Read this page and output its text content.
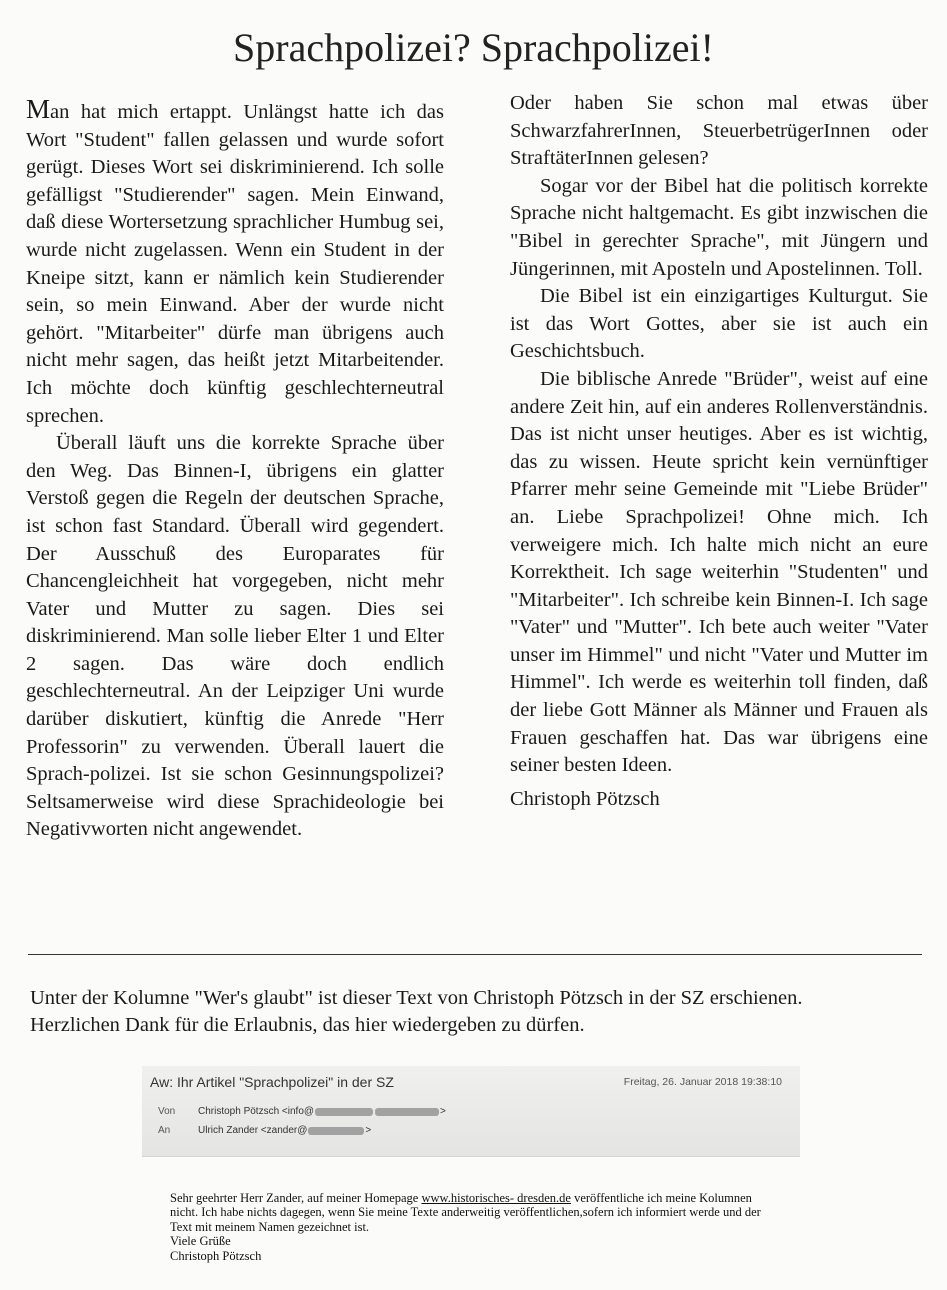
Sprachpolizei? Sprachpolizei!

Man hat mich ertappt. Unlängst hatte ich das Wort "Student" fallen gelassen und wurde sofort gerügt. Dieses Wort sei diskriminierend. Ich solle gefälligst "Studierender" sagen. Mein Einwand, daß diese Wortersetzung sprachlicher Humbug sei, wurde nicht zugelassen. Wenn ein Student in der Kneipe sitzt, kann er nämlich kein Studierender sein, so mein Einwand. Aber der wurde nicht gehört. "Mitarbeiter" dürfe man übrigens auch nicht mehr sagen, das heißt jetzt Mitarbeitender. Ich möchte doch künftig geschlechterneutral sprechen.

Überall läuft uns die korrekte Sprache über den Weg. Das Binnen-I, übrigens ein glatter Verstoß gegen die Regeln der deutschen Sprache, ist schon fast Standard. Überall wird gegendert. Der Ausschuß des Europarates für Chancengleichheit hat vorgegeben, nicht mehr Vater und Mutter zu sagen. Dies sei diskriminierend. Man solle lieber Elter 1 und Elter 2 sagen. Das wäre doch endlich geschlechterneutral. An der Leipziger Uni wurde darüber diskutiert, künftig die Anrede "Herr Professorin" zu verwenden. Überall lauert die Sprach-polizei. Ist sie schon Gesinnungspolizei? Seltsamerweise wird diese Sprachideologie bei Negativworten nicht angewendet.

Oder haben Sie schon mal etwas über SchwarzfahrerInnen, SteuerbetrügerInnen oder StraftäterInnen gelesen?

Sogar vor der Bibel hat die politisch korrekte Sprache nicht haltgemacht. Es gibt inzwischen die "Bibel in gerechter Sprache", mit Jüngern und Jüngerinnen, mit Aposteln und Apostelinnen. Toll.

Die Bibel ist ein einzigartiges Kulturgut. Sie ist das Wort Gottes, aber sie ist auch ein Geschichtsbuch.

Die biblische Anrede "Brüder", weist auf eine andere Zeit hin, auf ein anderes Rollenverständnis. Das ist nicht unser heutiges. Aber es ist wichtig, das zu wissen. Heute spricht kein vernünftiger Pfarrer mehr seine Gemeinde mit "Liebe Brüder" an. Liebe Sprachpolizei! Ohne mich. Ich verweigere mich. Ich halte mich nicht an eure Korrektheit. Ich sage weiterhin "Studenten" und "Mitarbeiter". Ich schreibe kein Binnen-I. Ich sage "Vater" und "Mutter". Ich bete auch weiter "Vater unser im Himmel" und nicht "Vater und Mutter im Himmel". Ich werde es weiterhin toll finden, daß der liebe Gott Männer als Männer und Frauen als Frauen geschaffen hat. Das war übrigens eine seiner besten Ideen.

Christoph Pötzsch

Unter der Kolumne "Wer's glaubt" ist dieser Text von Christoph Pötzsch in der SZ erschienen.

Herzlichen Dank für die Erlaubnis, das hier wiedergeben zu dürfen.

Aw: Ihr Artikel "Sprachpolizei" in der SZ	Freitag, 26. Januar 2018 19:38:10
Von	Christoph Pötzsch <info@	>
An	Ulrich Zander <zander@	>

Sehr geehrter Herr Zander, auf meiner Homepage www.historisches- dresden.de veröffentliche ich meine Kolumnen nicht. Ich habe nichts dagegen, wenn Sie meine Texte anderweitig veröffentlichen,sofern ich informiert werde und der Text mit meinem Namen gezeichnet ist.

Viele Grüße

Christoph Pötzsch
